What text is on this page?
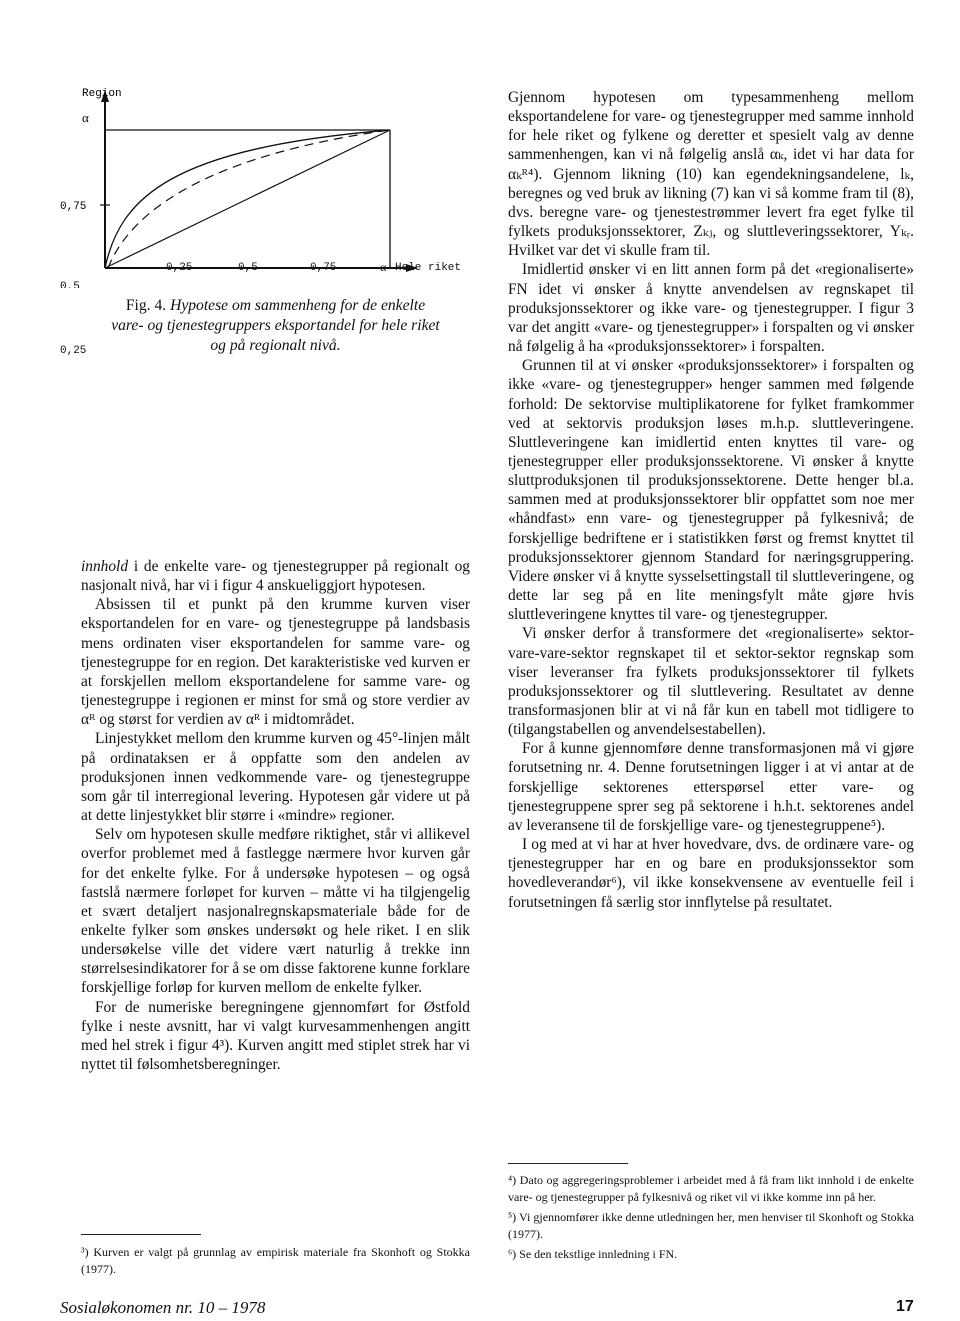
Region
α
0,75
0,5
0,25
0,25	0,5	0,75	α Hele riket
Fig. 4. Hypotese om sammenheng for de enkelte
vare- og tjenestegruppers eksportandel for hele riket
og på regionalt nivå.

innhold i de enkelte vare- og tjenestegrupper på regionalt og nasjonalt nivå, har vi i figur 4 anskueliggjort hypotesen.

Absissen til et punkt på den krumme kurven viser eksportandelen for en vare- og tjenestegruppe på landsbasis mens ordinaten viser eksportandelen for samme vare- og tjenestegruppe for en region. Det karakteristiske ved kurven er at forskjellen mellom eksportandelene for samme vare- og tjenestegruppe i regionen er minst for små og store verdier av αᴿ og størst for verdien av αᴿ i midtområdet.

Linjestykket mellom den krumme kurven og 45°-linjen målt på ordinataksen er å oppfatte som den andelen av produksjonen innen vedkommende vare- og tjenestegruppe som går til interregional levering. Hypotesen går videre ut på at dette linjestykket blir større i «mindre» regioner.

Selv om hypotesen skulle medføre riktighet, står vi allikevel overfor problemet med å fastlegge nærmere hvor kurven går for det enkelte fylke. For å undersøke hypotesen – og også fastslå nærmere forløpet for kurven – måtte vi ha tilgjengelig et svært detaljert nasjonalregnskapsmateriale både for de enkelte fylker som ønskes undersøkt og hele riket. I en slik undersøkelse ville det videre vært naturlig å trekke inn størrelsesindikatorer for å se om disse faktorene kunne forklare forskjellige forløp for kurven mellom de enkelte fylker.

For de numeriske beregningene gjennomført for Østfold fylke i neste avsnitt, har vi valgt kurvesammenhengen angitt med hel strek i figur 4³). Kurven angitt med stiplet strek har vi nyttet til følsomhetsberegninger.

³) Kurven er valgt på grunnlag av empirisk materiale fra Skonhoft og Stokka (1977).

Gjennom hypotesen om typesammenheng mellom eksportandelene for vare- og tjenestegrupper med samme innhold for hele riket og fylkene og deretter et spesielt valg av denne sammenhengen, kan vi nå følgelig anslå αₖ, idet vi har data for αₖᴿ⁴). Gjennom likning (10) kan egendekningsandelene, lₖ, beregnes og ved bruk av likning (7) kan vi så komme fram til (8), dvs. beregne vare- og tjenestestrømmer levert fra eget fylke til fylkets produksjonssektorer, Zₖⱼ, og sluttleveringssektorer, Yₖᵣ. Hvilket var det vi skulle fram til.

Imidlertid ønsker vi en litt annen form på det «regionaliserte» FN idet vi ønsker å knytte anvendelsen av regnskapet til produksjonssektorer og ikke vare- og tjenestegrupper. I figur 3 var det angitt «vare- og tjenestegrupper» i forspalten og vi ønsker nå følgelig å ha «produksjonssektorer» i forspalten.

Grunnen til at vi ønsker «produksjonssektorer» i forspalten og ikke «vare- og tjenestegrupper» henger sammen med følgende forhold: De sektorvise multiplikatorene for fylket framkommer ved at sektorvis produksjon løses m.h.p. sluttleveringene. Sluttleveringene kan imidlertid enten knyttes til vare- og tjenestegrupper eller produksjonssektorene. Vi ønsker å knytte sluttproduksjonen til produksjonssektorene. Dette henger bl.a. sammen med at produksjonssektorer blir oppfattet som noe mer «håndfast» enn vare- og tjenestegrupper på fylkesnivå; de forskjellige bedriftene er i statistikken først og fremst knyttet til produksjonssektorer gjennom Standard for næringsgruppering. Videre ønsker vi å knytte sysselsettingstall til sluttleveringene, og dette lar seg på en lite meningsfylt måte gjøre hvis sluttleveringene knyttes til vare- og tjenestegrupper.

Vi ønsker derfor å transformere det «regionaliserte» sektor-vare-vare-sektor regnskapet til et sektor-sektor regnskap som viser leveranser fra fylkets produksjonssektorer til fylkets produksjonssektorer og til sluttlevering. Resultatet av denne transformasjonen blir at vi nå får kun en tabell mot tidligere to (tilgangstabellen og anvendelsestabellen).

For å kunne gjennomføre denne transformasjonen må vi gjøre forutsetning nr. 4. Denne forutsetningen ligger i at vi antar at de forskjellige sektorenes etterspørsel etter vare- og tjenestegruppene sprer seg på sektorene i h.h.t. sektorenes andel av leveransene til de forskjellige vare- og tjenestegruppene⁵).

I og med at vi har at hver hovedvare, dvs. de ordinære vare- og tjenestegrupper har en og bare en produksjonssektor som hovedleverandør⁶), vil ikke konsekvensene av eventuelle feil i forutsetningen få særlig stor innflytelse på resultatet.

⁴) Dato og aggregeringsproblemer i arbeidet med å få fram likt innhold i de enkelte vare- og tjenestegrupper på fylkesnivå og riket vil vi ikke komme inn på her.
⁵) Vi gjennomfører ikke denne utledningen her, men henviser til Skonhoft og Stokka (1977).
⁶) Se den tekstlige innledning i FN.
Sosialøkonomen nr. 10 – 1978	17
